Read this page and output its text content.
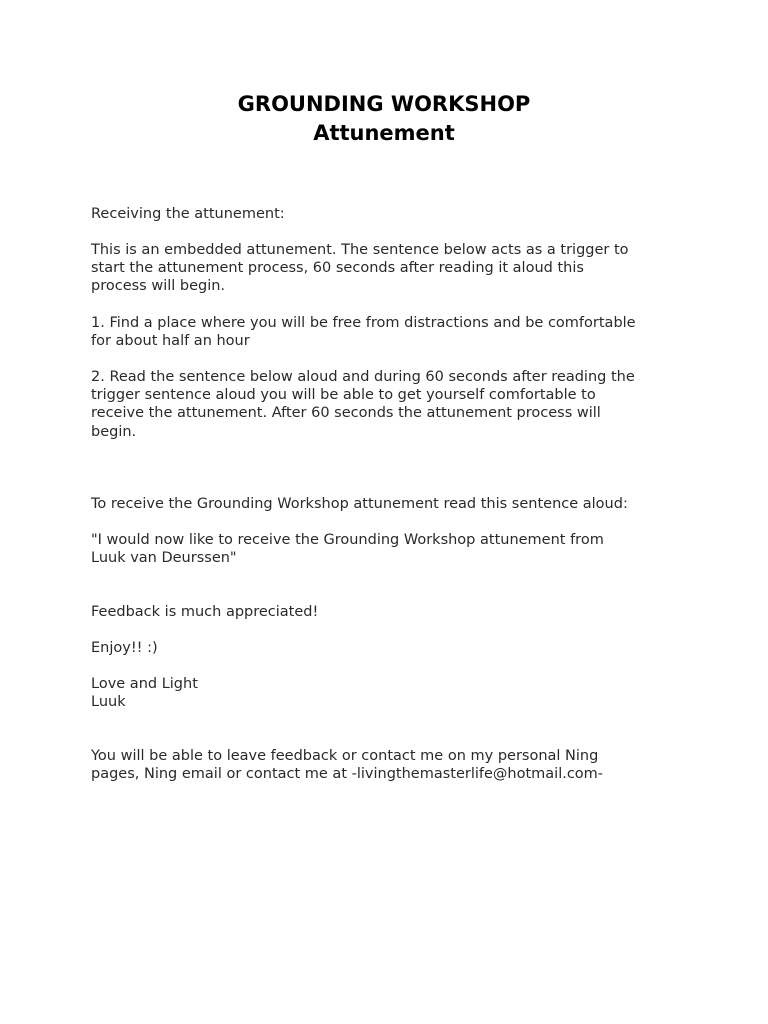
GROUNDING WORKSHOP
Attunement

Receiving the attunement:

This is an embedded attunement. The sentence below acts as a trigger to
start the attunement process, 60 seconds after reading it aloud this
process will begin.

1. Find a place where you will be free from distractions and be comfortable
for about half an hour

2. Read the sentence below aloud and during 60 seconds after reading the
trigger sentence aloud you will be able to get yourself comfortable to
receive the attunement. After 60 seconds the attunement process will
begin.

To receive the Grounding Workshop attunement read this sentence aloud:

"I would now like to receive the Grounding Workshop attunement from
Luuk van Deurssen"

Feedback is much appreciated!

Enjoy!! :)

Love and Light
Luuk

You will be able to leave feedback or contact me on my personal Ning
pages, Ning email or contact me at -livingthemasterlife@hotmail.com-
